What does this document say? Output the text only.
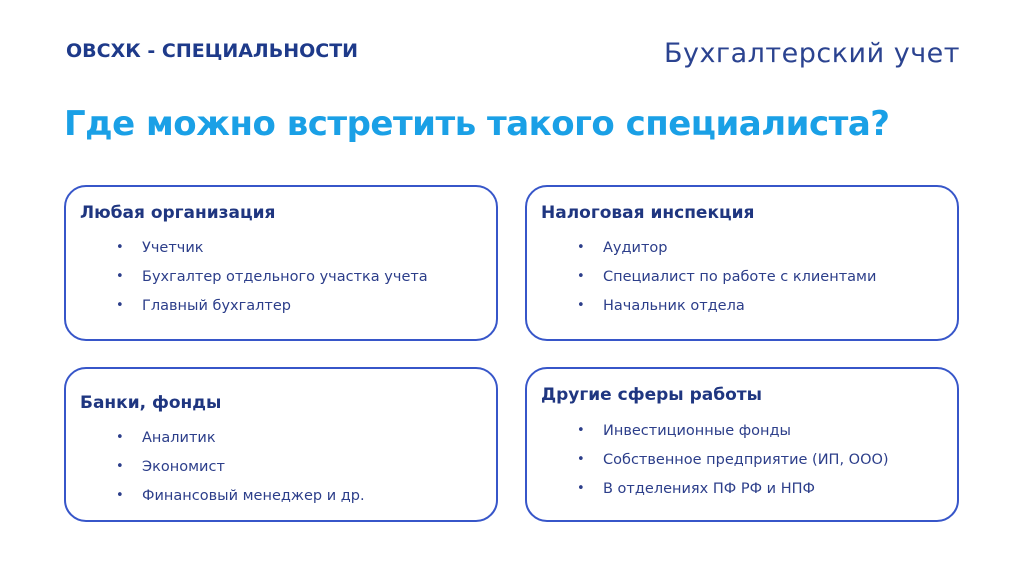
ОВСХК - СПЕЦИАЛЬНОСТИ	Бухгалтерский учет
Где можно встретить такого специалиста?
Любая организация
• Учетчик
• Бухгалтер отдельного участка учета
• Главный бухгалтер
Налоговая инспекция
• Аудитор
• Специалист по работе с клиентами
• Начальник отдела
Банки, фонды
• Аналитик
• Экономист
• Финансовый менеджер и др.
Другие сферы работы
• Инвестиционные фонды
• Собственное предприятие (ИП, ООО)
• В отделениях ПФ РФ и НПФ
